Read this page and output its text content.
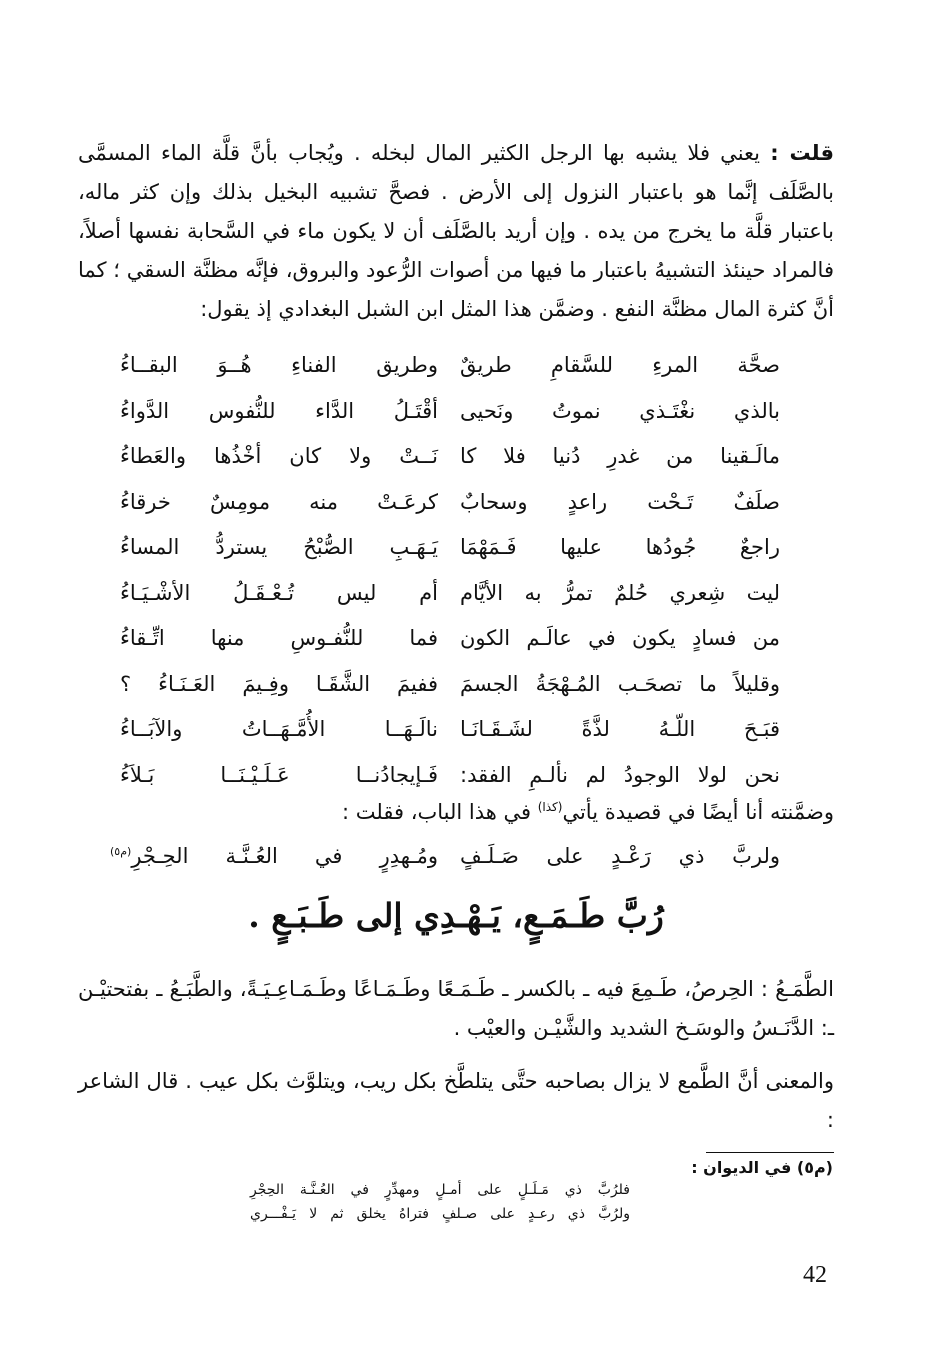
قلت : يعني فلا يشبه بها الرجل الكثير المال لبخله . ويُجاب بأنَّ قلَّة الماء المسمَّى بالصَّلَف إنَّما هو باعتبار النزول إلى الأرض . فصحَّ تشبيه البخيل بذلك وإن كثر ماله، باعتبار قلَّة ما يخرج من يده . وإن أريد بالصَّلَف أن لا يكون ماء في السَّحابة نفسها أصلاً، فالمراد حينئذ التشبيهُ باعتبار ما فيها من أصوات الرُّعود والبروق، فإنَّه مظنَّة السقي ؛ كما أنَّ كثرة المال مظنَّة النفع . وضمَّن هذا المثل ابن الشبل البغدادي إذ يقول:
صحَّة المرءِ للسَّقامِ طريقٌ
وطريق الفناءِ هُــوَ البقــاءُ
بالذي نغْتَـذي نموتُ ونَحيى
أقْتَـلُ الدَّاء للنُّفوس الدَّواءُ
مالَـقينا من غدرِ دُنيا فلا كا
نَــتْ ولا كان أخْذُها والعَطاءُ
صلَفٌ تَـحْت راعدٍ وسحابٌ
كرعَـتْ منه مومِسٌ خرقاءُ
راجعٌ جُودُها عليها فَـمَهْمَا
يَـهَـبِ الصُّبْحُ يستردُّ المساءُ
ليت شِعري حُلمٌ تمرُّ به الأيَّام
أم ليس تُـعْـقَـلُ الأشْـيَـاءُ
من فسادٍ يكون في عالَـم الكون
فما للنُّفـوسِ منها اتِّـقاءُ
وقليلاً ما تصحَـب المُـهْجَةُ الجسمَ
ففيمَ الشَّقَـا وفِـيمَ العَـنَـاءُ ؟
قبَـحَ اللّـهُ لذَّةً لشَـقَـانَـا
نالَـهَــا الأُمَّـهَــاتُ والآبَــاءُ
نحن لولا الوجودُ لم نألـمِ الفقد:
فَـإيجادُنــا عَـلَـيْـنَــا بَـلاَءُ
وضمَّنته أنا أيضًا في قصيدة يأتي$^{(كذا)}$ في هذا الباب، فقلت :
ولربَّ ذي رَعْـدٍ على صَـلَـفٍ
ومُـهدِرٍ في العُـنَّـة الحِـجْرِ$^{(م٥)}$
رُبَّ طَـمَـعٍ، يَـهْـدِي إلى طَـبَـعٍ .
الطَّمَـعُ : الحِرصُ، طَـمِعَ فيه ـ بالكسر ـ طَـمَـعًا وطَـمَـاعًا وطَـمَـاعِـيَـةً، والطَّبَـعُ ـ بفتحتيْـن ـ: الدَّنَـسُ والوسَـخ الشديد والشَّيْـن والعيْب .
والمعنى أنَّ الطَّمع لا يزال بصاحبه حتَّى يتلطَّخ بكل ريب، ويتلوَّث بكل عيب . قال الشاعر :
(م٥) في الديوان :
فلرُبَّ ذي مَـلَـلٍ على أمـلٍ ومهدِّرٍ في العُـنَّـة الحِجْرِ
ولرُبَّ ذي رعـدٍ على صـلفٍ فتراهُ يخلق ثم لا يَـفْـــري
42
